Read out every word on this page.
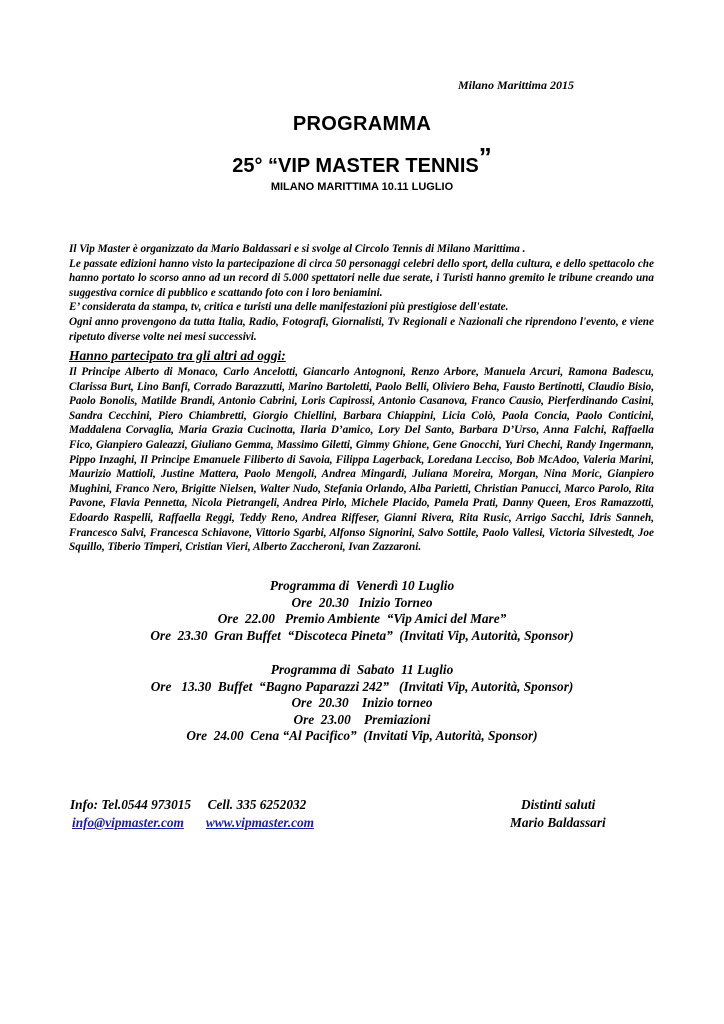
Milano Marittima 2015
PROGRAMMA
25° “VIP MASTER TENNIS”
MILANO MARITTIMA 10.11 LUGLIO

Il Vip Master è organizzato da Mario Baldassari e si svolge al Circolo Tennis di Milano Marittima .

Le passate edizioni hanno visto la partecipazione di circa 50 personaggi celebri dello sport, della cultura, e dello spettacolo che hanno portato lo scorso anno ad un record di 5.000 spettatori nelle due serate, i Turisti hanno gremito le tribune creando una suggestiva cornice di pubblico e scattando foto con i loro beniamini.

E’ considerata da stampa, tv, critica e turisti una delle manifestazioni più prestigiose dell'estate.

Ogni anno provengono da tutta Italia, Radio, Fotografi, Giornalisti, Tv Regionali e Nazionali che riprendono l'evento, e viene ripetuto diverse volte nei mesi successivi.

Hanno partecipato tra gli altri ad oggi:

Il Principe Alberto di Monaco, Carlo Ancelotti, Giancarlo Antognoni, Renzo Arbore, Manuela Arcuri, Ramona Badescu, Clarissa Burt, Lino Banfi, Corrado Barazzutti, Marino Bartoletti, Paolo Belli, Oliviero Beha, Fausto Bertinotti, Claudio Bisio, Paolo Bonolis, Matilde Brandi, Antonio Cabrini, Loris Capirossi, Antonio Casanova, Franco Causio, Pierferdinando Casini, Sandra Cecchini, Piero Chiambretti, Giorgio Chiellini, Barbara Chiappini, Licia Colò, Paola Concia, Paolo Conticini, Maddalena Corvaglia, Maria Grazia Cucinotta, Ilaria D’amico, Lory Del Santo, Barbara D’Urso, Anna Falchi, Raffaella Fico, Gianpiero Galeazzi, Giuliano Gemma, Massimo Giletti, Gimmy Ghione, Gene Gnocchi, Yuri Chechi, Randy Ingermann, Pippo Inzaghi, Il Principe Emanuele Filiberto di Savoia, Filippa Lagerback, Loredana Lecciso, Bob McAdoo, Valeria Marini, Maurizio Mattioli, Justine Mattera, Paolo Mengoli, Andrea Mingardi, Juliana Moreira, Morgan, Nina Moric, Gianpiero Mughini, Franco Nero, Brigitte Nielsen, Walter Nudo, Stefania Orlando, Alba Parietti, Christian Panucci, Marco Parolo, Rita Pavone, Flavia Pennetta, Nicola Pietrangeli, Andrea Pirlo, Michele Placido, Pamela Prati, Danny Queen, Eros Ramazzotti, Edoardo Raspelli, Raffaella Reggi, Teddy Reno, Andrea Riffeser, Gianni Rivera, Rita Rusic, Arrigo Sacchi, Idris Sanneh, Francesco Salvi, Francesca Schiavone, Vittorio Sgarbi, Alfonso Signorini, Salvo Sottile, Paolo Vallesi, Victoria Silvestedt, Joe Squillo, Tiberio Timperi, Cristian Vieri, Alberto Zaccheroni, Ivan Zazzaroni.

Programma di  Venerdì 10 Luglio
Ore  20.30   Inizio Torneo
Ore  22.00   Premio Ambiente  “Vip Amici del Mare”
Ore  23.30  Gran Buffet  “Discoteca Pineta”  (Invitati Vip, Autorità, Sponsor)
Programma di  Sabato  11 Luglio
Ore   13.30  Buffet  “Bagno Paparazzi 242”   (Invitati Vip, Autorità, Sponsor)
Ore  20.30    Inizio torneo
Ore  23.00    Premiazioni
Ore  24.00  Cena “Al Pacifico”  (Invitati Vip, Autorità, Sponsor)
Info: Tel.0544 973015     Cell. 335 6252032
info@vipmaster.com www.vipmaster.com
Distinti saluti
Mario Baldassari
